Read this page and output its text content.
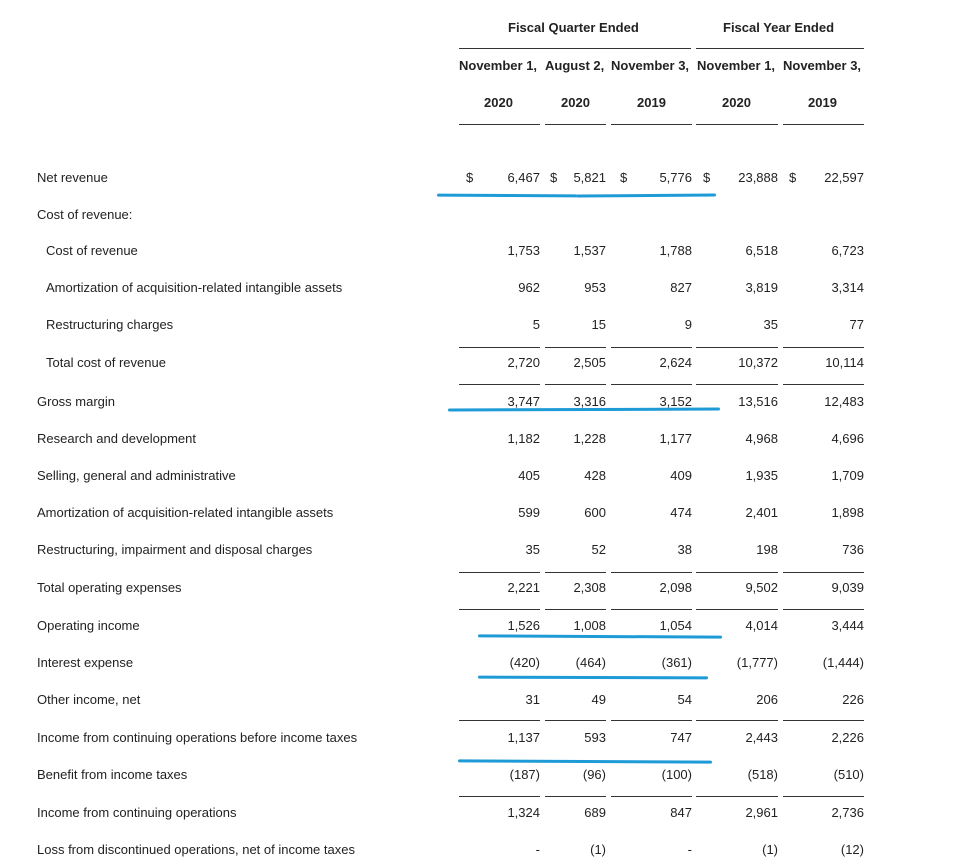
Fiscal Quarter Ended	Fiscal Year Ended
November 1, August 2, November 3, November 1, November 3,
2020	2020	2019	2020	2019
$	$	$	$	$
Net revenue	6,467	5,821	5,776	23,888	22,597
Cost of revenue:
Cost of revenue	1,753	1,537	1,788	6,518	6,723
Amortization of acquisition-related intangible assets	962	953	827	3,819	3,314
Restructuring charges	5	15	9	35	77
Total cost of revenue	2,720	2,505	2,624	10,372	10,114
Gross margin	3,747	3,316	3,152	13,516	12,483
Research and development	1,182	1,228	1,177	4,968	4,696
Selling, general and administrative	405	428	409	1,935	1,709
Amortization of acquisition-related intangible assets	599	600	474	2,401	1,898
Restructuring, impairment and disposal charges	35	52	38	198	736
Total operating expenses	2,221	2,308	2,098	9,502	9,039
Operating income	1,526	1,008	1,054	4,014	3,444
Interest expense	(420)	(464)	(361)	(1,777)	(1,444)
Other income, net	31	49	54	206	226
Income from continuing operations before income taxes	1,137	593	747	2,443	2,226
Benefit from income taxes	(187)	(96)	(100)	(518)	(510)
Income from continuing operations	1,324	689	847	2,961	2,736
Loss from discontinued operations, net of income taxes	-	(1)	-	(1)	(12)
